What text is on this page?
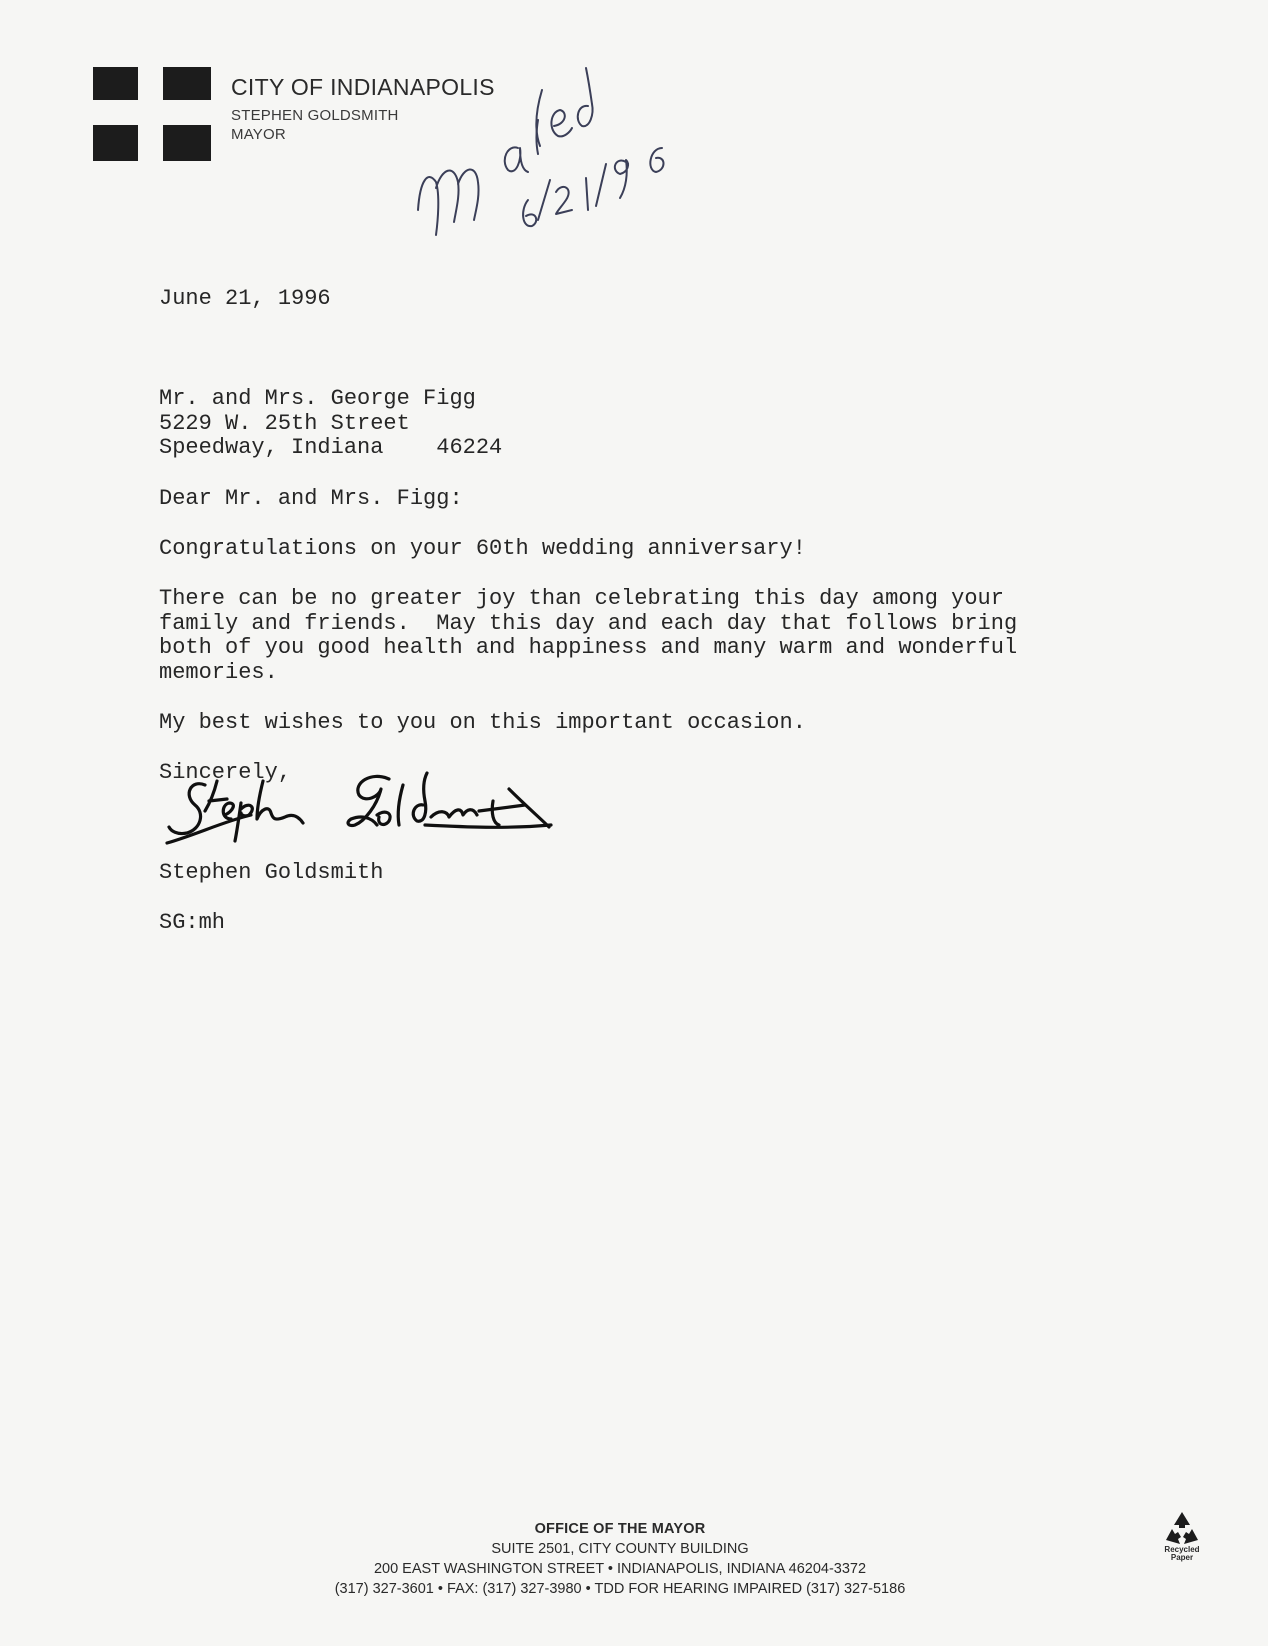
CITY OF INDIANAPOLIS
STEPHEN GOLDSMITH
MAYOR
June 21, 1996
Mr. and Mrs. George Figg
5229 W. 25th Street
Speedway, Indiana    46224
Dear Mr. and Mrs. Figg:
Congratulations on your 60th wedding anniversary!
There can be no greater joy than celebrating this day among your
family and friends.  May this day and each day that follows bring
both of you good health and happiness and many warm and wonderful
memories.
My best wishes to you on this important occasion.
Sincerely,
Stephen Goldsmith
SG:mh
OFFICE OF THE MAYOR
SUITE 2501, CITY COUNTY BUILDING
200 EAST WASHINGTON STREET • INDIANAPOLIS, INDIANA 46204-3372
(317) 327-3601 • FAX: (317) 327-3980 • TDD FOR HEARING IMPAIRED (317) 327-5186
Recycled
Paper
